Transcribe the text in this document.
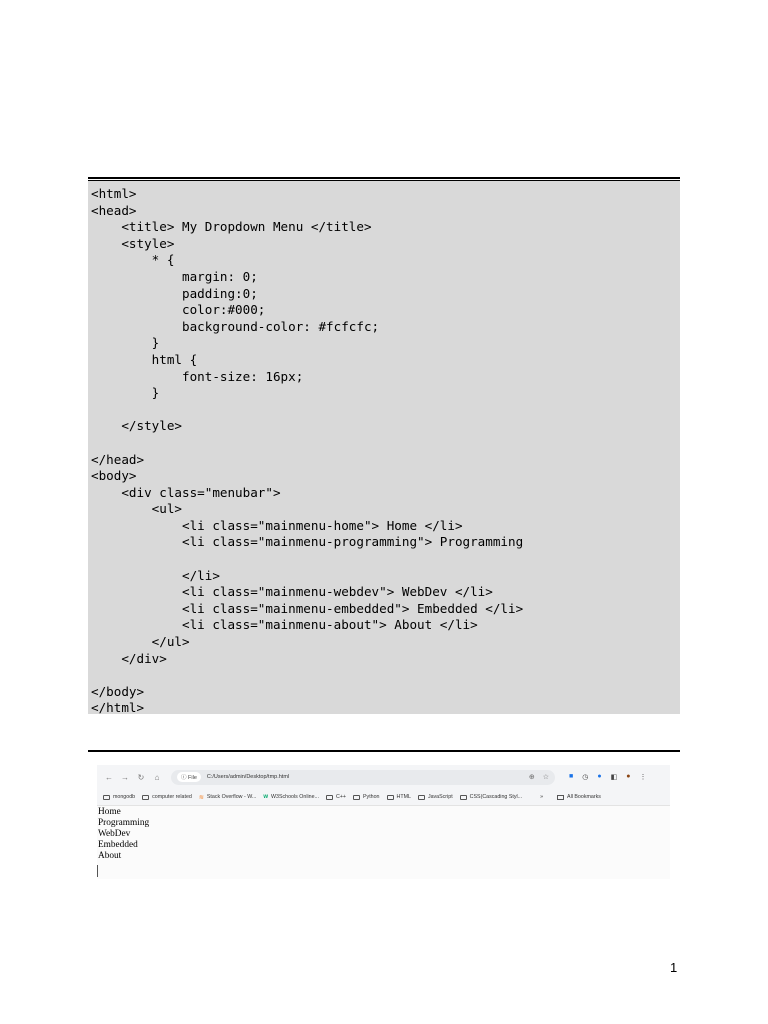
<html>
<head>
<title> My Dropdown Menu </title>
<style>
* {
margin: 0;
padding:0;
color:#000;
background-color: #fcfcfc;
}
html {
font-size: 16px;
}

</style>

</head>
<body>
<div class="menubar">
<ul>
<li class="mainmenu-home"> Home </li>
<li class="mainmenu-programming"> Programming

</li>
<li class="mainmenu-webdev"> WebDev </li>
<li class="mainmenu-embedded"> Embedded </li>
<li class="mainmenu-about"> About </li>
</ul>
</div>

</body>
</html>

←	→	↻	⌂	ⓘ File	C:/Users/admin/Desktop/tmp.html	⊕ ☆	■ ◷ ● ◧ ● ⋮
mongodb	computer related ≋ Stack Overflow - W... w W3Schools Online...	C++	Python	HTML	JavaScript	CSS(Cascading Styl...	»	All Bookmarks
Home
Programming
WebDev
Embedded
About
1
